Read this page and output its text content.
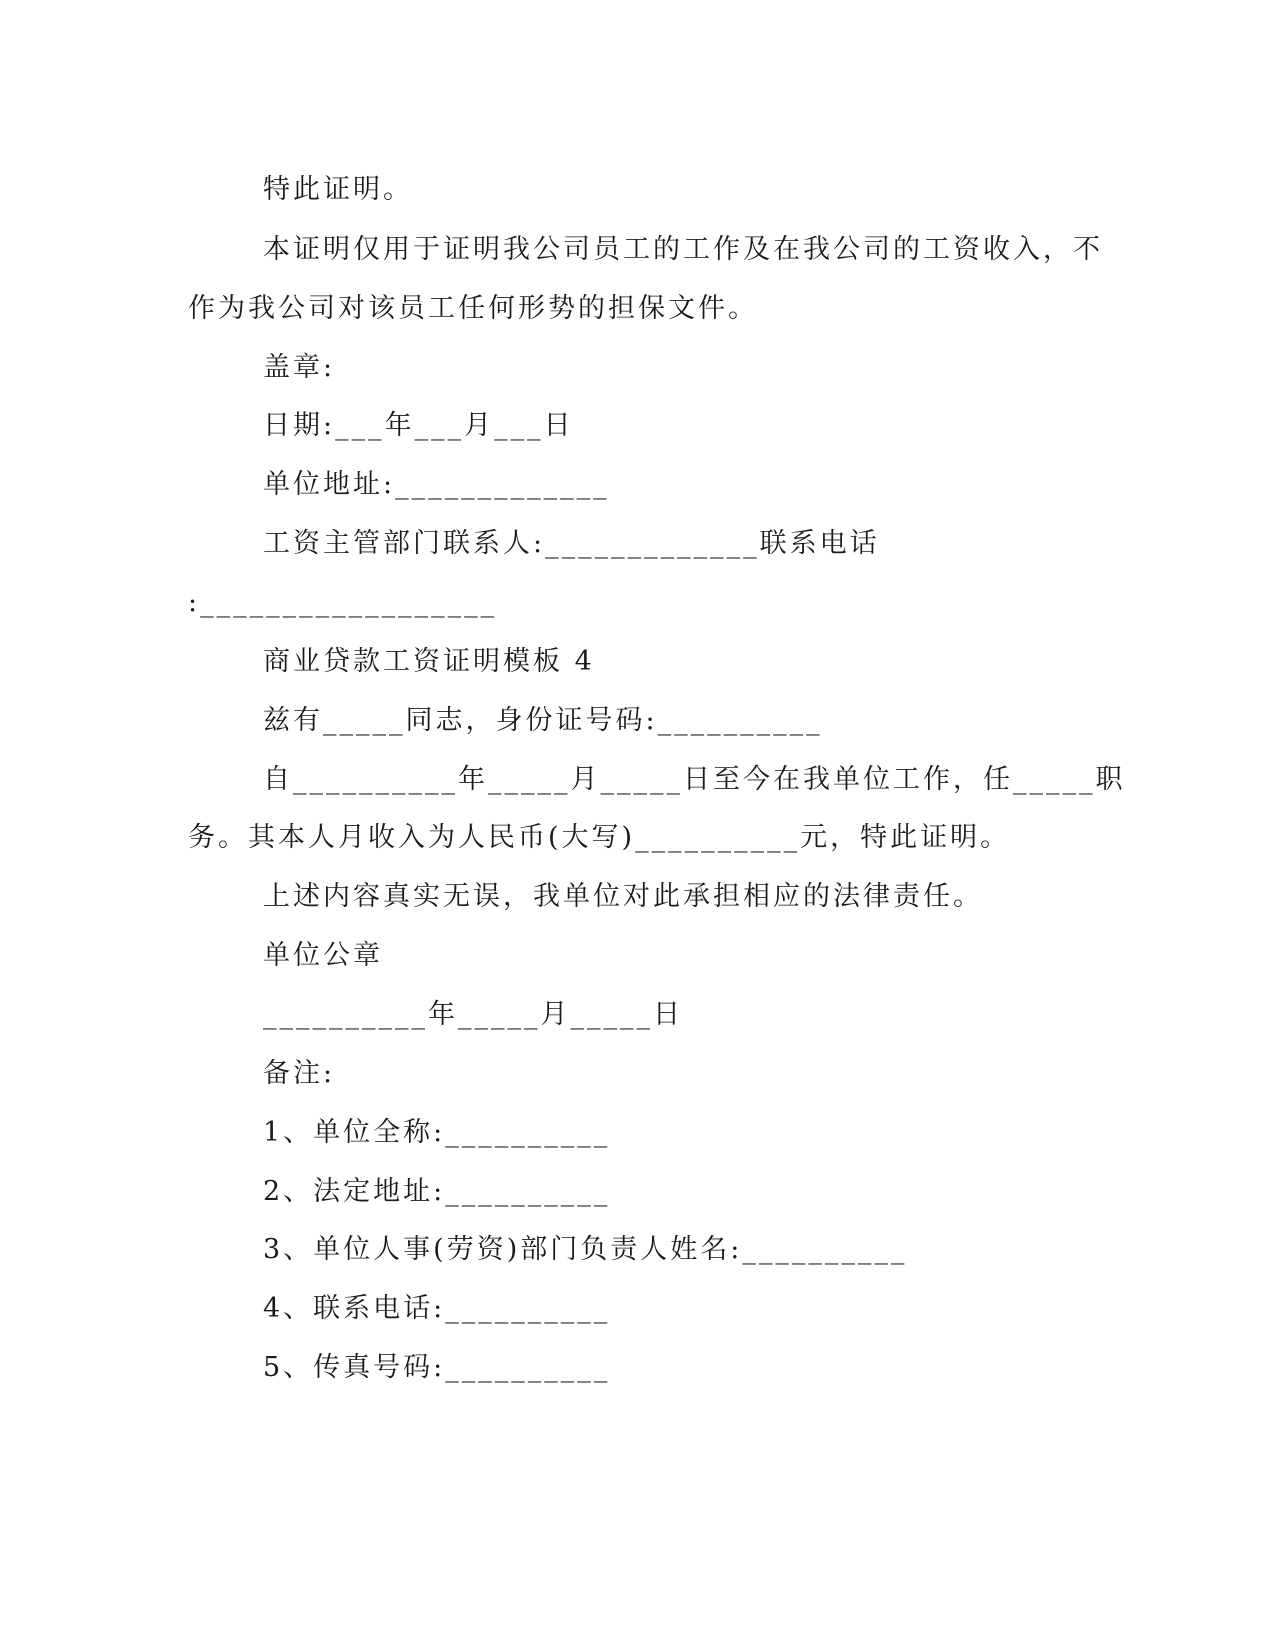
特此证明。
本证明仅用于证明我公司员工的工作及在我公司的工资收入，不
作为我公司对该员工任何形势的担保文件。
盖章:
日期:___年___月___日
单位地址:_____________
工资主管部门联系人:_____________联系电话
:__________________
商业贷款工资证明模板 4
兹有_____同志，身份证号码:__________
自__________年_____月_____日至今在我单位工作，任_____职
务。其本人月收入为人民币(大写)__________元，特此证明。
上述内容真实无误，我单位对此承担相应的法律责任。
单位公章
__________年_____月_____日
备注:
1、单位全称:__________
2、法定地址:__________
3、单位人事(劳资)部门负责人姓名:__________
4、联系电话:__________
5、传真号码:__________
